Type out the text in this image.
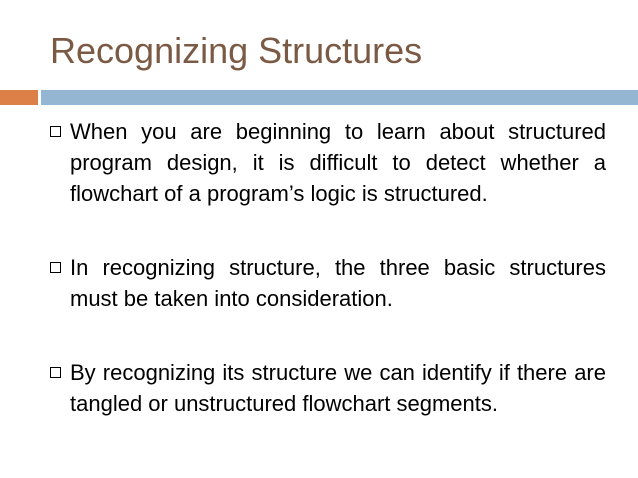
Recognizing Structures
When you are beginning to learn about structured program design, it is difficult to detect whether a flowchart of a program’s logic is structured.
In recognizing structure, the three basic structures must be taken into consideration.
By recognizing its structure we can identify if there are tangled or unstructured flowchart segments.
